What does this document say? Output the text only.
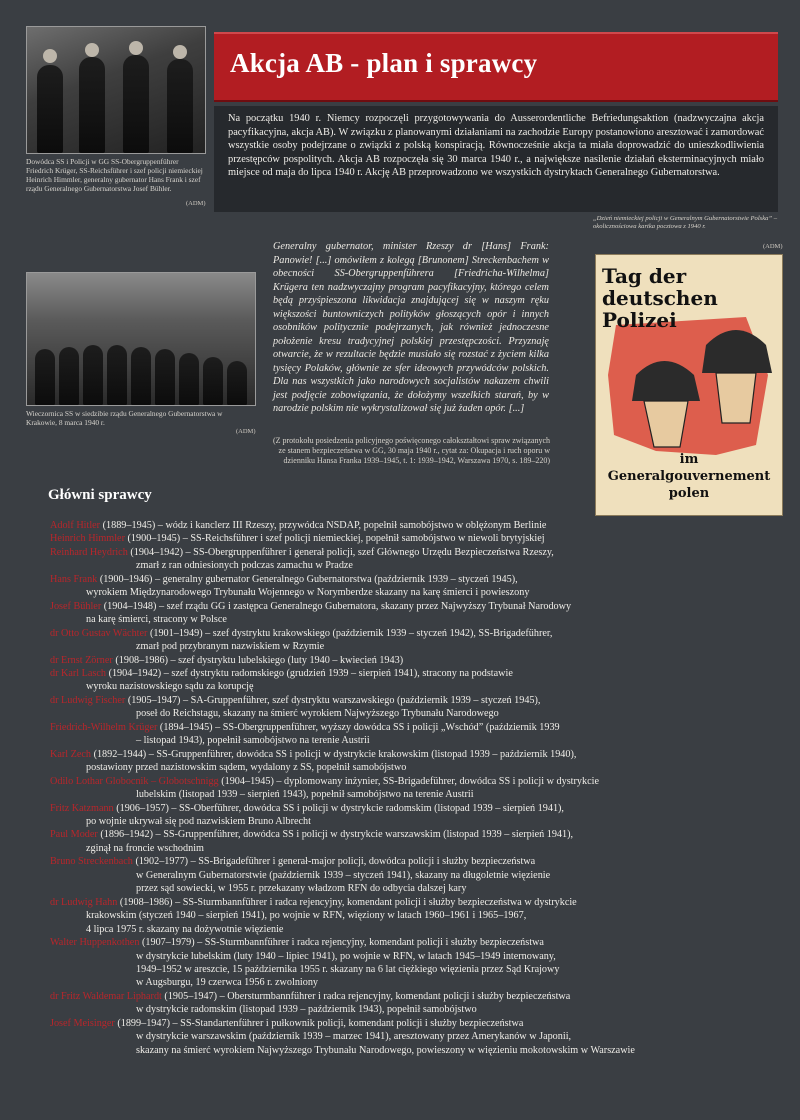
Dowódca SS i Policji w GG SS-Obergruppenführer Friedrich Krüger, SS-Reichsführer i szef policji niemieckiej Heinrich Himmler, generalny gubernator Hans Frank i szef rządu Generalnego Gubernatorstwa Josef Bühler.
(ADM)
Akcja AB - plan i sprawcy
Na początku 1940 r. Niemcy rozpoczęli przygotowywania do Ausserordentliche Befriedungsaktion (nadzwyczajna akcja pacyfikacyjna, akcja AB). W związku z planowanymi działaniami na zachodzie Europy postanowiono aresztować i zamordować wszystkie osoby podejrzane o związki z polską konspiracją. Równocześnie akcja ta miała doprowadzić do unieszkodliwienia przestępców pospolitych. Akcja AB rozpoczęła się 30 marca 1940 r., a największe nasilenie działań eksterminacyjnych miało miejsce od maja do lipca 1940 r. Akcję AB przeprowadzono we wszystkich dystryktach Generalnego Gubernatorstwa.
„Dzień niemieckiej policji w Generalnym Gubernatorstwie Polska” – okolicznościowa kartka pocztowa z 1940 r.
(ADM)
Tag der deutschen Polizei
im
Generalgouvernement
polen
Wieczornica SS w siedzibie rządu Generalnego Gubernatorstwa w Krakowie, 8 marca 1940 r.
(ADM)
Generalny gubernator, minister Rzeszy dr [Hans] Frank: Panowie! [...] omówiłem z kolegą [Brunonem] Streckenbachem w obecności SS-Obergruppenführera [Friedricha-Wilhelma] Krügera ten nadzwyczajny program pacyfikacyjny, którego celem będą przyśpieszona likwidacja znajdującej się w naszym ręku większości buntowniczych polityków głoszących opór i innych osobników politycznie podejrzanych, jak również jednoczesne położenie kresu tradycyjnej polskiej przestępczości. Przyznaję otwarcie, że w rezultacie będzie musiało się rozstać z życiem kilka tysięcy Polaków, głównie ze sfer ideowych przywódców polskich. Dla nas wszystkich jako narodowych socjalistów nakazem chwili jest podjęcie zobowiązania, że dołożymy wszelkich starań, by w narodzie polskim nie wykrystalizował się już żaden opór. [...]
(Z protokołu posiedzenia policyjnego poświęconego całokształtowi spraw związanych ze stanem bezpieczeństwa w GG, 30 maja 1940 r., cytat za: Okupacja i ruch oporu w dzienniku Hansa Franka 1939–1945, t. 1: 1939–1942, Warszawa 1970, s. 189–220)
Główni sprawcy
Adolf Hitler (1889–1945) – wódz i kanclerz III Rzeszy, przywódca NSDAP, popełnił samobójstwo w oblężonym Berlinie
Heinrich Himmler (1900–1945) – SS-Reichsführer i szef policji niemieckiej, popełnił samobójstwo w niewoli brytyjskiej
Reinhard Heydrich (1904–1942) – SS-Obergruppenführer i generał policji, szef Głównego Urzędu Bezpieczeństwa Rzeszy,
zmarł z ran odniesionych podczas zamachu w Pradze
Hans Frank (1900–1946) – generalny gubernator Generalnego Gubernatorstwa (październik 1939 – styczeń 1945),
wyrokiem Międzynarodowego Trybunału Wojennego w Norymberdze skazany na karę śmierci i powieszony
Josef Bühler (1904–1948) – szef rządu GG i zastępca Generalnego Gubernatora, skazany przez Najwyższy Trybunał Narodowy
na karę śmierci, stracony w Polsce
dr Otto Gustav Wächter (1901–1949) – szef dystryktu krakowskiego (październik 1939 – styczeń 1942), SS-Brigadeführer,
zmarł pod przybranym nazwiskiem w Rzymie
dr Ernst Zörner (1908–1986) – szef dystryktu lubelskiego (luty 1940 – kwiecień 1943)
dr Karl Lasch (1904–1942) – szef dystryktu radomskiego (grudzień 1939 – sierpień 1941), stracony na podstawie
wyroku nazistowskiego sądu za korupcję
dr Ludwig Fischer (1905–1947) – SA-Gruppenführer, szef dystryktu warszawskiego (październik 1939 – styczeń 1945),
poseł do Reichstagu, skazany na śmierć wyrokiem Najwyższego Trybunału Narodowego
Friedrich-Wilhelm Krüger (1894–1945) – SS-Obergruppenführer, wyższy dowódca SS i policji „Wschód” (październik 1939
– listopad 1943), popełnił samobójstwo na terenie Austrii
Karl Zech (1892–1944) – SS-Gruppenführer, dowódca SS i policji w dystrykcie krakowskim (listopad 1939 – październik 1940),
postawiony przed nazistowskim sądem, wydalony z SS, popełnił samobójstwo
Odilo Lothar Globocnik – Globotschnigg (1904–1945) – dyplomowany inżynier, SS-Brigadeführer, dowódca SS i policji w dystrykcie
lubelskim (listopad 1939 – sierpień 1943), popełnił samobójstwo na terenie Austrii
Fritz Katzmann (1906–1957) – SS-Oberführer, dowódca SS i policji w dystrykcie radomskim (listopad 1939 – sierpień 1941),
po wojnie ukrywał się pod nazwiskiem Bruno Albrecht
Paul Moder (1896–1942) – SS-Gruppenführer, dowódca SS i policji w dystrykcie warszawskim (listopad 1939 – sierpień 1941),
zginął na froncie wschodnim
Bruno Streckenbach (1902–1977) – SS-Brigadeführer i generał-major policji, dowódca policji i służby bezpieczeństwa
w Generalnym Gubernatorstwie (październik 1939 – styczeń 1941), skazany na długoletnie więzienie
przez sąd sowiecki, w 1955 r. przekazany władzom RFN do odbycia dalszej kary
dr Ludwig Hahn (1908–1986) – SS-Sturmbannführer i radca rejencyjny, komendant policji i służby bezpieczeństwa w dystrykcie
krakowskim (styczeń 1940 – sierpień 1941), po wojnie w RFN, więziony w latach 1960–1961 i 1965–1967,
4 lipca 1975 r. skazany na dożywotnie więzienie
Walter Huppenkothen (1907–1979) – SS-Sturmbannführer i radca rejencyjny, komendant policji i służby bezpieczeństwa
w dystrykcie lubelskim (luty 1940 – lipiec 1941), po wojnie w RFN, w latach 1945–1949 internowany,
1949–1952 w areszcie, 15 października 1955 r. skazany na 6 lat ciężkiego więzienia przez Sąd Krajowy
w Augsburgu, 19 czerwca 1956 r. zwolniony
dr Fritz Waldemar Liphardt (1905–1947) – Obersturmbannführer i radca rejencyjny, komendant policji i służby bezpieczeństwa
w dystrykcie radomskim (listopad 1939 – październik 1943), popełnił samobójstwo
Josef Meisinger (1899–1947) – SS-Standartenführer i pułkownik policji, komendant policji i służby bezpieczeństwa
w dystrykcie warszawskim (październik 1939 – marzec 1941), aresztowany przez Amerykanów w Japonii,
skazany na śmierć wyrokiem Najwyższego Trybunału Narodowego, powieszony w więzieniu mokotowskim w Warszawie
